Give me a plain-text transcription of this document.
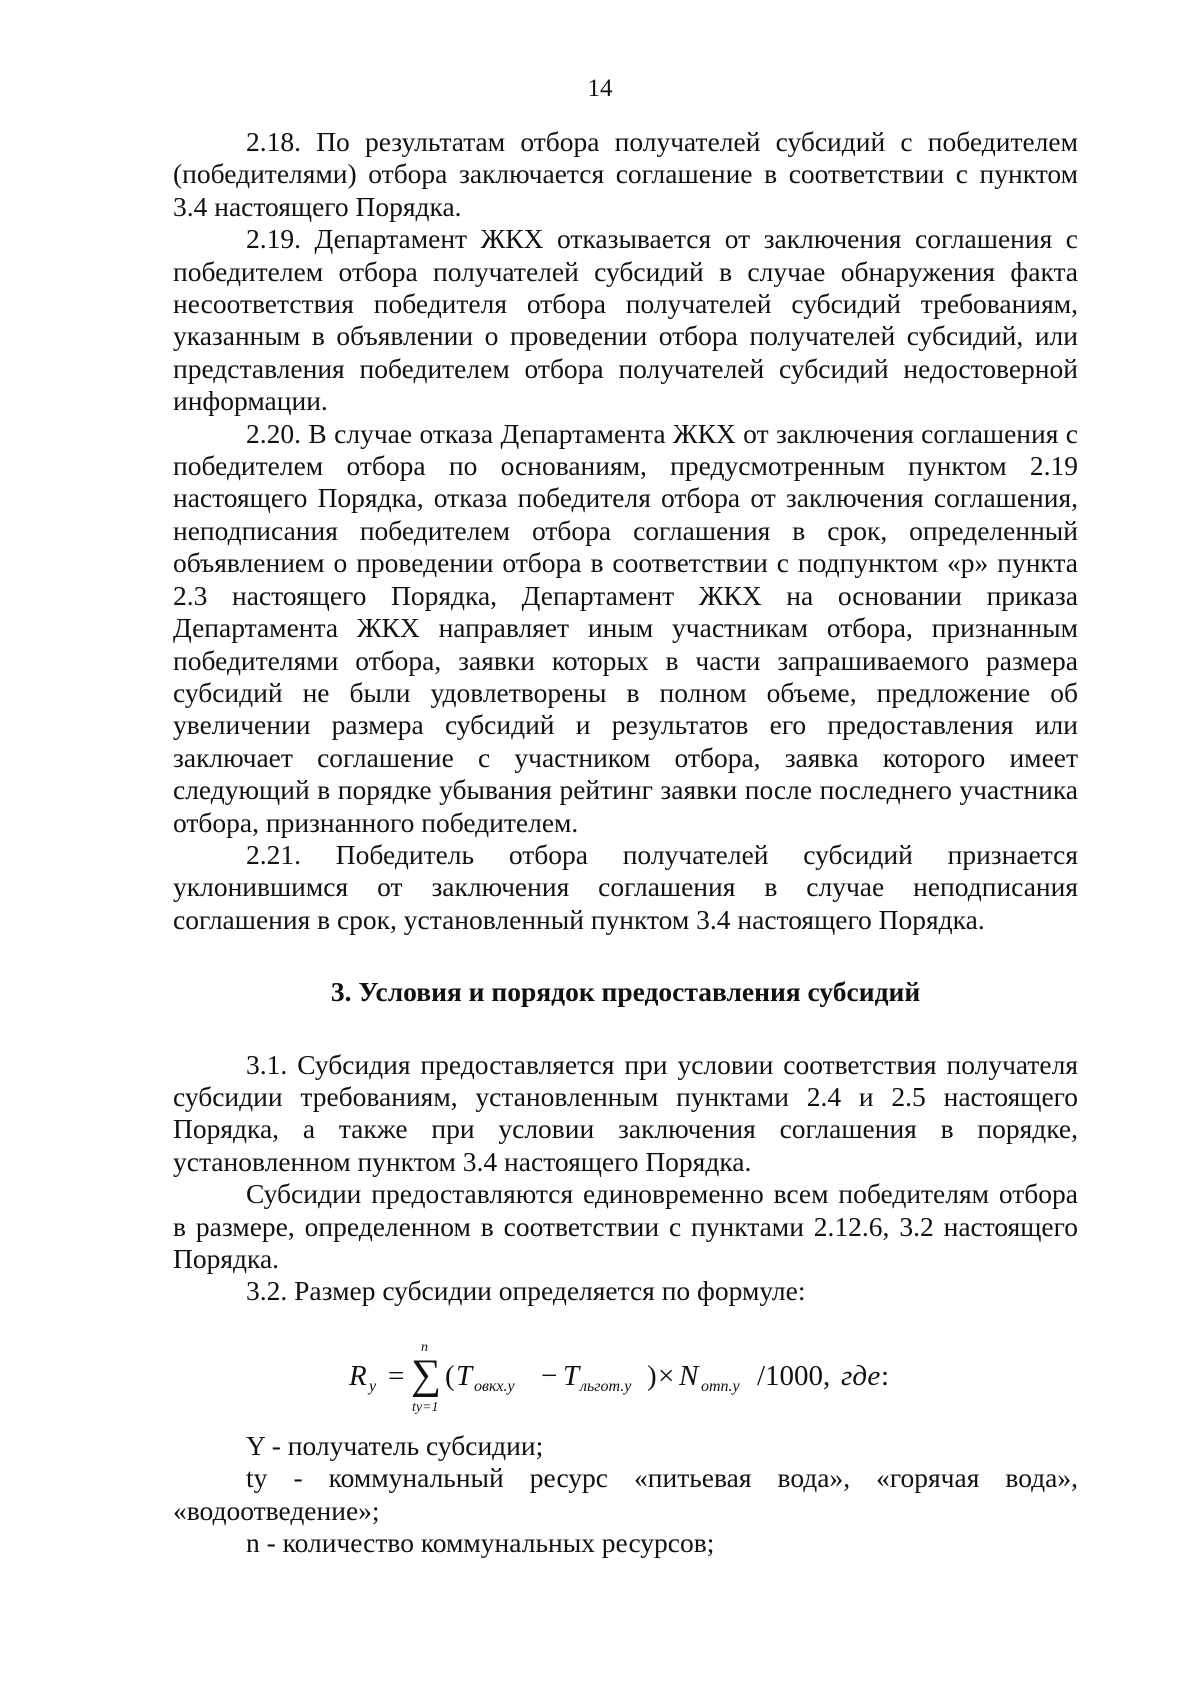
14

2.18. По результатам отбора получателей субсидий с победителем (победителями) отбора заключается соглашение в соответствии с пунктом 3.4 настоящего Порядка.

2.19. Департамент ЖКХ отказывается от заключения соглашения с победителем отбора получателей субсидий в случае обнаружения факта несоответствия победителя отбора получателей субсидий требованиям, указанным в объявлении о проведении отбора получателей субсидий, или представления победителем отбора получателей субсидий недостоверной информации.

2.20. В случае отказа Департамента ЖКХ от заключения соглашения с победителем отбора по основаниям, предусмотренным пунктом 2.19 настоящего Порядка, отказа победителя отбора от заключения соглашения, неподписания победителем отбора соглашения в срок, определенный объявлением о проведении отбора в соответствии с подпунктом «р» пункта 2.3 настоящего Порядка, Департамент ЖКХ на основании приказа Департамента ЖКХ направляет иным участникам отбора, признанным победителями отбора, заявки которых в части запрашиваемого размера субсидий не были удовлетворены в полном объеме, предложение об увеличении размера субсидий и результатов его предоставления или заключает соглашение с участником отбора, заявка которого имеет следующий в порядке убывания рейтинг заявки после последнего участника отбора, признанного победителем.

2.21. Победитель отбора получателей субсидий признается уклонившимся от заключения соглашения в случае неподписания соглашения в срок, установленный пунктом 3.4 настоящего Порядка.

3. Условия и порядок предоставления субсидий

3.1. Субсидия предоставляется при условии соответствия получателя субсидии требованиям, установленным пунктами 2.4 и 2.5 настоящего Порядка, а также при условии заключения соглашения в порядке, установленном пунктом 3.4 настоящего Порядка.

Субсидии предоставляются единовременно всем победителям отбора в размере, определенном в соответствии с пунктами 2.12.6, 3.2 настоящего Порядка.

3.2. Размер субсидии определяется по формуле:

R y = ∑
n
ty=1
( T овкх.y − T льгот.y ) × N отп.y /1000, где :

Y - получатель субсидии;

ty - коммунальный ресурс «питьевая вода», «горячая вода», «водоотведение»;

n - количество коммунальных ресурсов;
